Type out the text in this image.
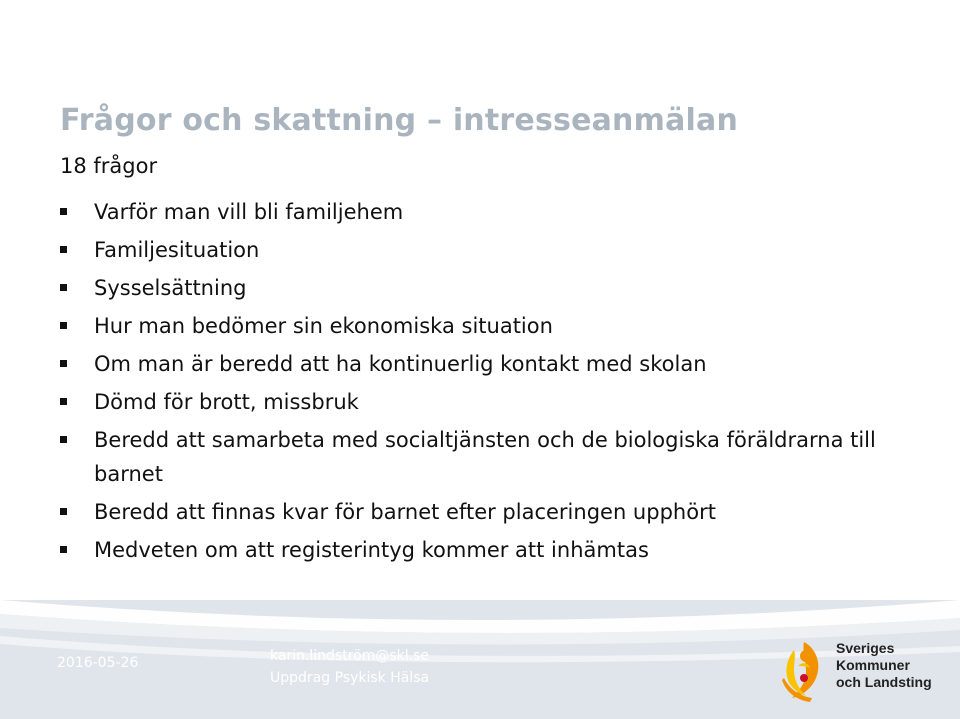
Frågor och skattning – intresseanmälan
18 frågor
Varför man vill bli familjehem
Familjesituation
Sysselsättning
Hur man bedömer sin ekonomiska situation
Om man är beredd att ha kontinuerlig kontakt med skolan
Dömd för brott, missbruk
Beredd att samarbeta med socialtjänsten och de biologiska föräldrarna till barnet
Beredd att finnas kvar för barnet efter placeringen upphört
Medveten om att registerintyg kommer att inhämtas
2016-05-26	karin.lindström@skl.se
Uppdrag Psykisk Hälsa
Sveriges
Kommuner
och Landsting
